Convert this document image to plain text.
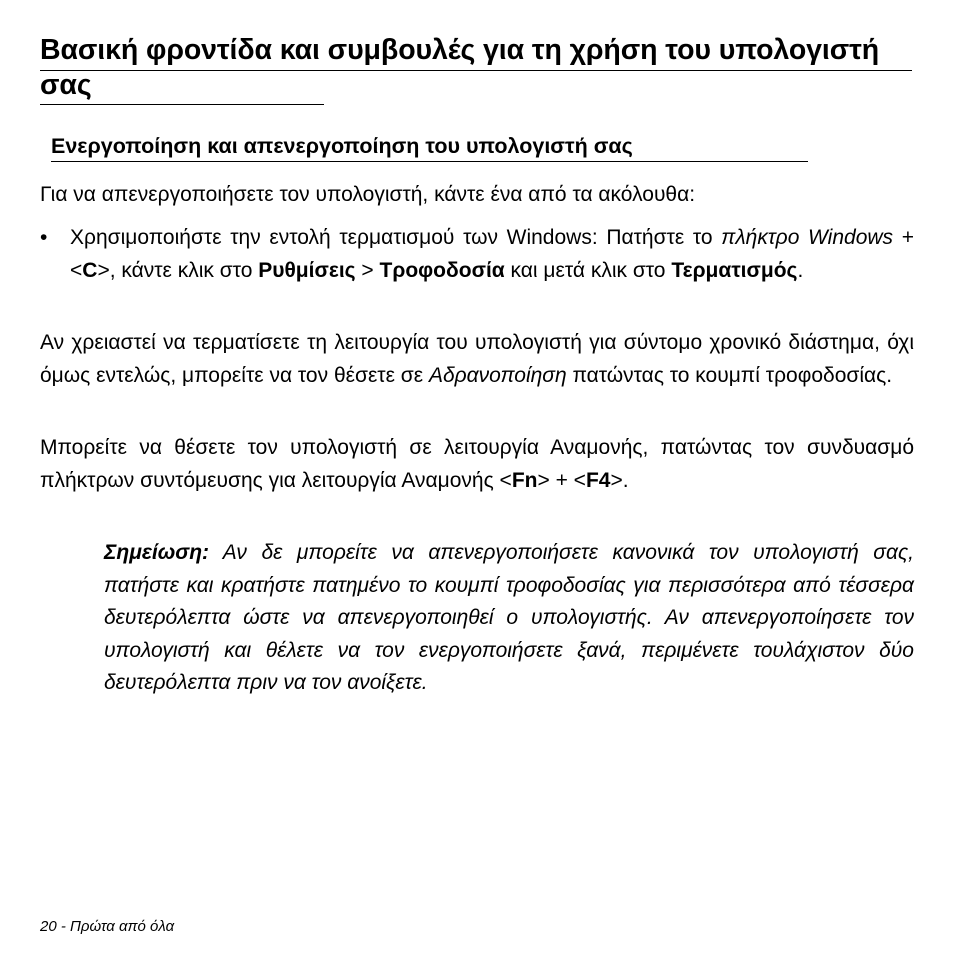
Βασική φροντίδα και συμβουλές για τη χρήση του υπολογιστή σας
Ενεργοποίηση και απενεργοποίηση του υπολογιστή σας

Για να απενεργοποιήσετε τον υπολογιστή, κάντε ένα από τα ακόλουθα:

•	Χρησιμοποιήστε την εντολή τερματισμού των Windows: Πατήστε το πλήκτρο Windows + <C>, κάντε κλικ στο Ρυθμίσεις > Τροφοδοσία και μετά κλικ στο Τερματισμός.

Αν χρειαστεί να τερματίσετε τη λειτουργία του υπολογιστή για σύντομο χρονικό διάστημα, όχι όμως εντελώς, μπορείτε να τον θέσετε σε Αδρανοποίηση πατώντας το κουμπί τροφοδοσίας.

Μπορείτε να θέσετε τον υπολογιστή σε λειτουργία Αναμονής, πατώντας τον συνδυασμό πλήκτρων συντόμευσης για λειτουργία Αναμονής <Fn> + <F4>.

Σημείωση: Αν δε μπορείτε να απενεργοποιήσετε κανονικά τον υπολογιστή σας, πατήστε και κρατήστε πατημένο το κουμπί τροφοδοσίας για περισσότερα από τέσσερα δευτερόλεπτα ώστε να απενεργοποιηθεί ο υπολογιστής. Αν απενεργοποίησετε τον υπολογιστή και θέλετε να τον ενεργοποιήσετε ξανά, περιμένετε τουλάχιστον δύο δευτερόλεπτα πριν να τον ανοίξετε.

20 - Πρώτα από όλα
